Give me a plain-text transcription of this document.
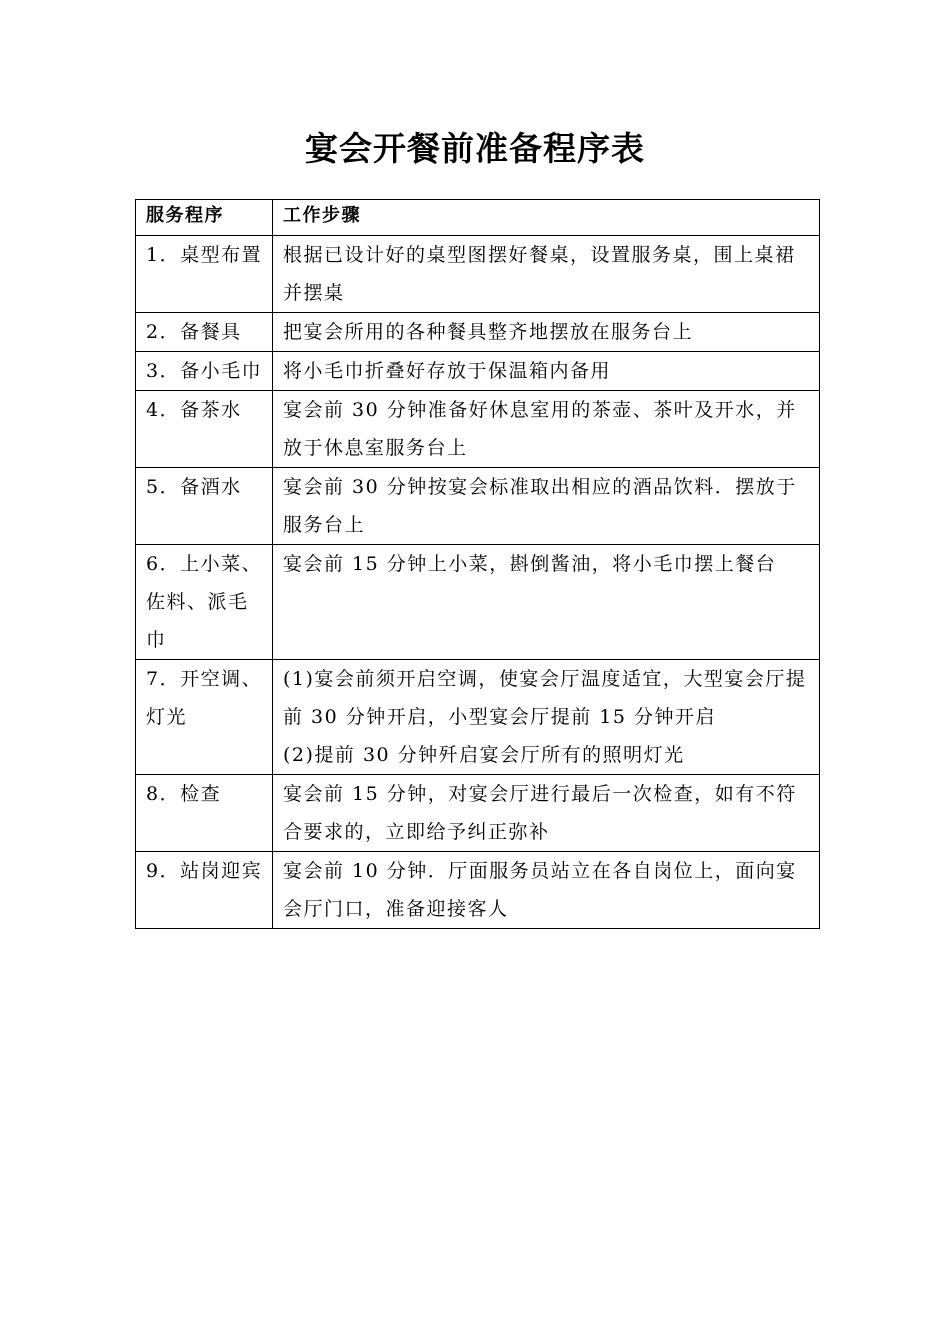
宴会开餐前准备程序表
服务程序	工作步骤
1．桌型布置	根据已设计好的桌型图摆好餐桌，设置服务桌，围上桌裙并摆桌

2．备餐具	把宴会所用的各种餐具整齐地摆放在服务台上

3．备小毛巾	将小毛巾折叠好存放于保温箱内备用

4．备茶水	宴会前 30 分钟准备好休息室用的茶壶、茶叶及开水，并放于休息室服务台上

5．备酒水	宴会前 30 分钟按宴会标准取出相应的酒品饮料．摆放于服务台上

6．上小菜、佐料、派毛巾	宴会前 15 分钟上小菜，斟倒酱油，将小毛巾摆上餐台

7．开空调、灯光	(1)宴会前须开启空调，使宴会厅温度适宜，大型宴会厅提前 30 分钟开启，小型宴会厅提前 15 分钟开启
(2)提前 30 分钟歼启宴会厅所有的照明灯光

8．检查	宴会前 15 分钟，对宴会厅进行最后一次检查，如有不符合要求的，立即给予纠正弥补

9．站岗迎宾	宴会前 10 分钟．厅面服务员站立在各自岗位上，面向宴会厅门口，准备迎接客人
